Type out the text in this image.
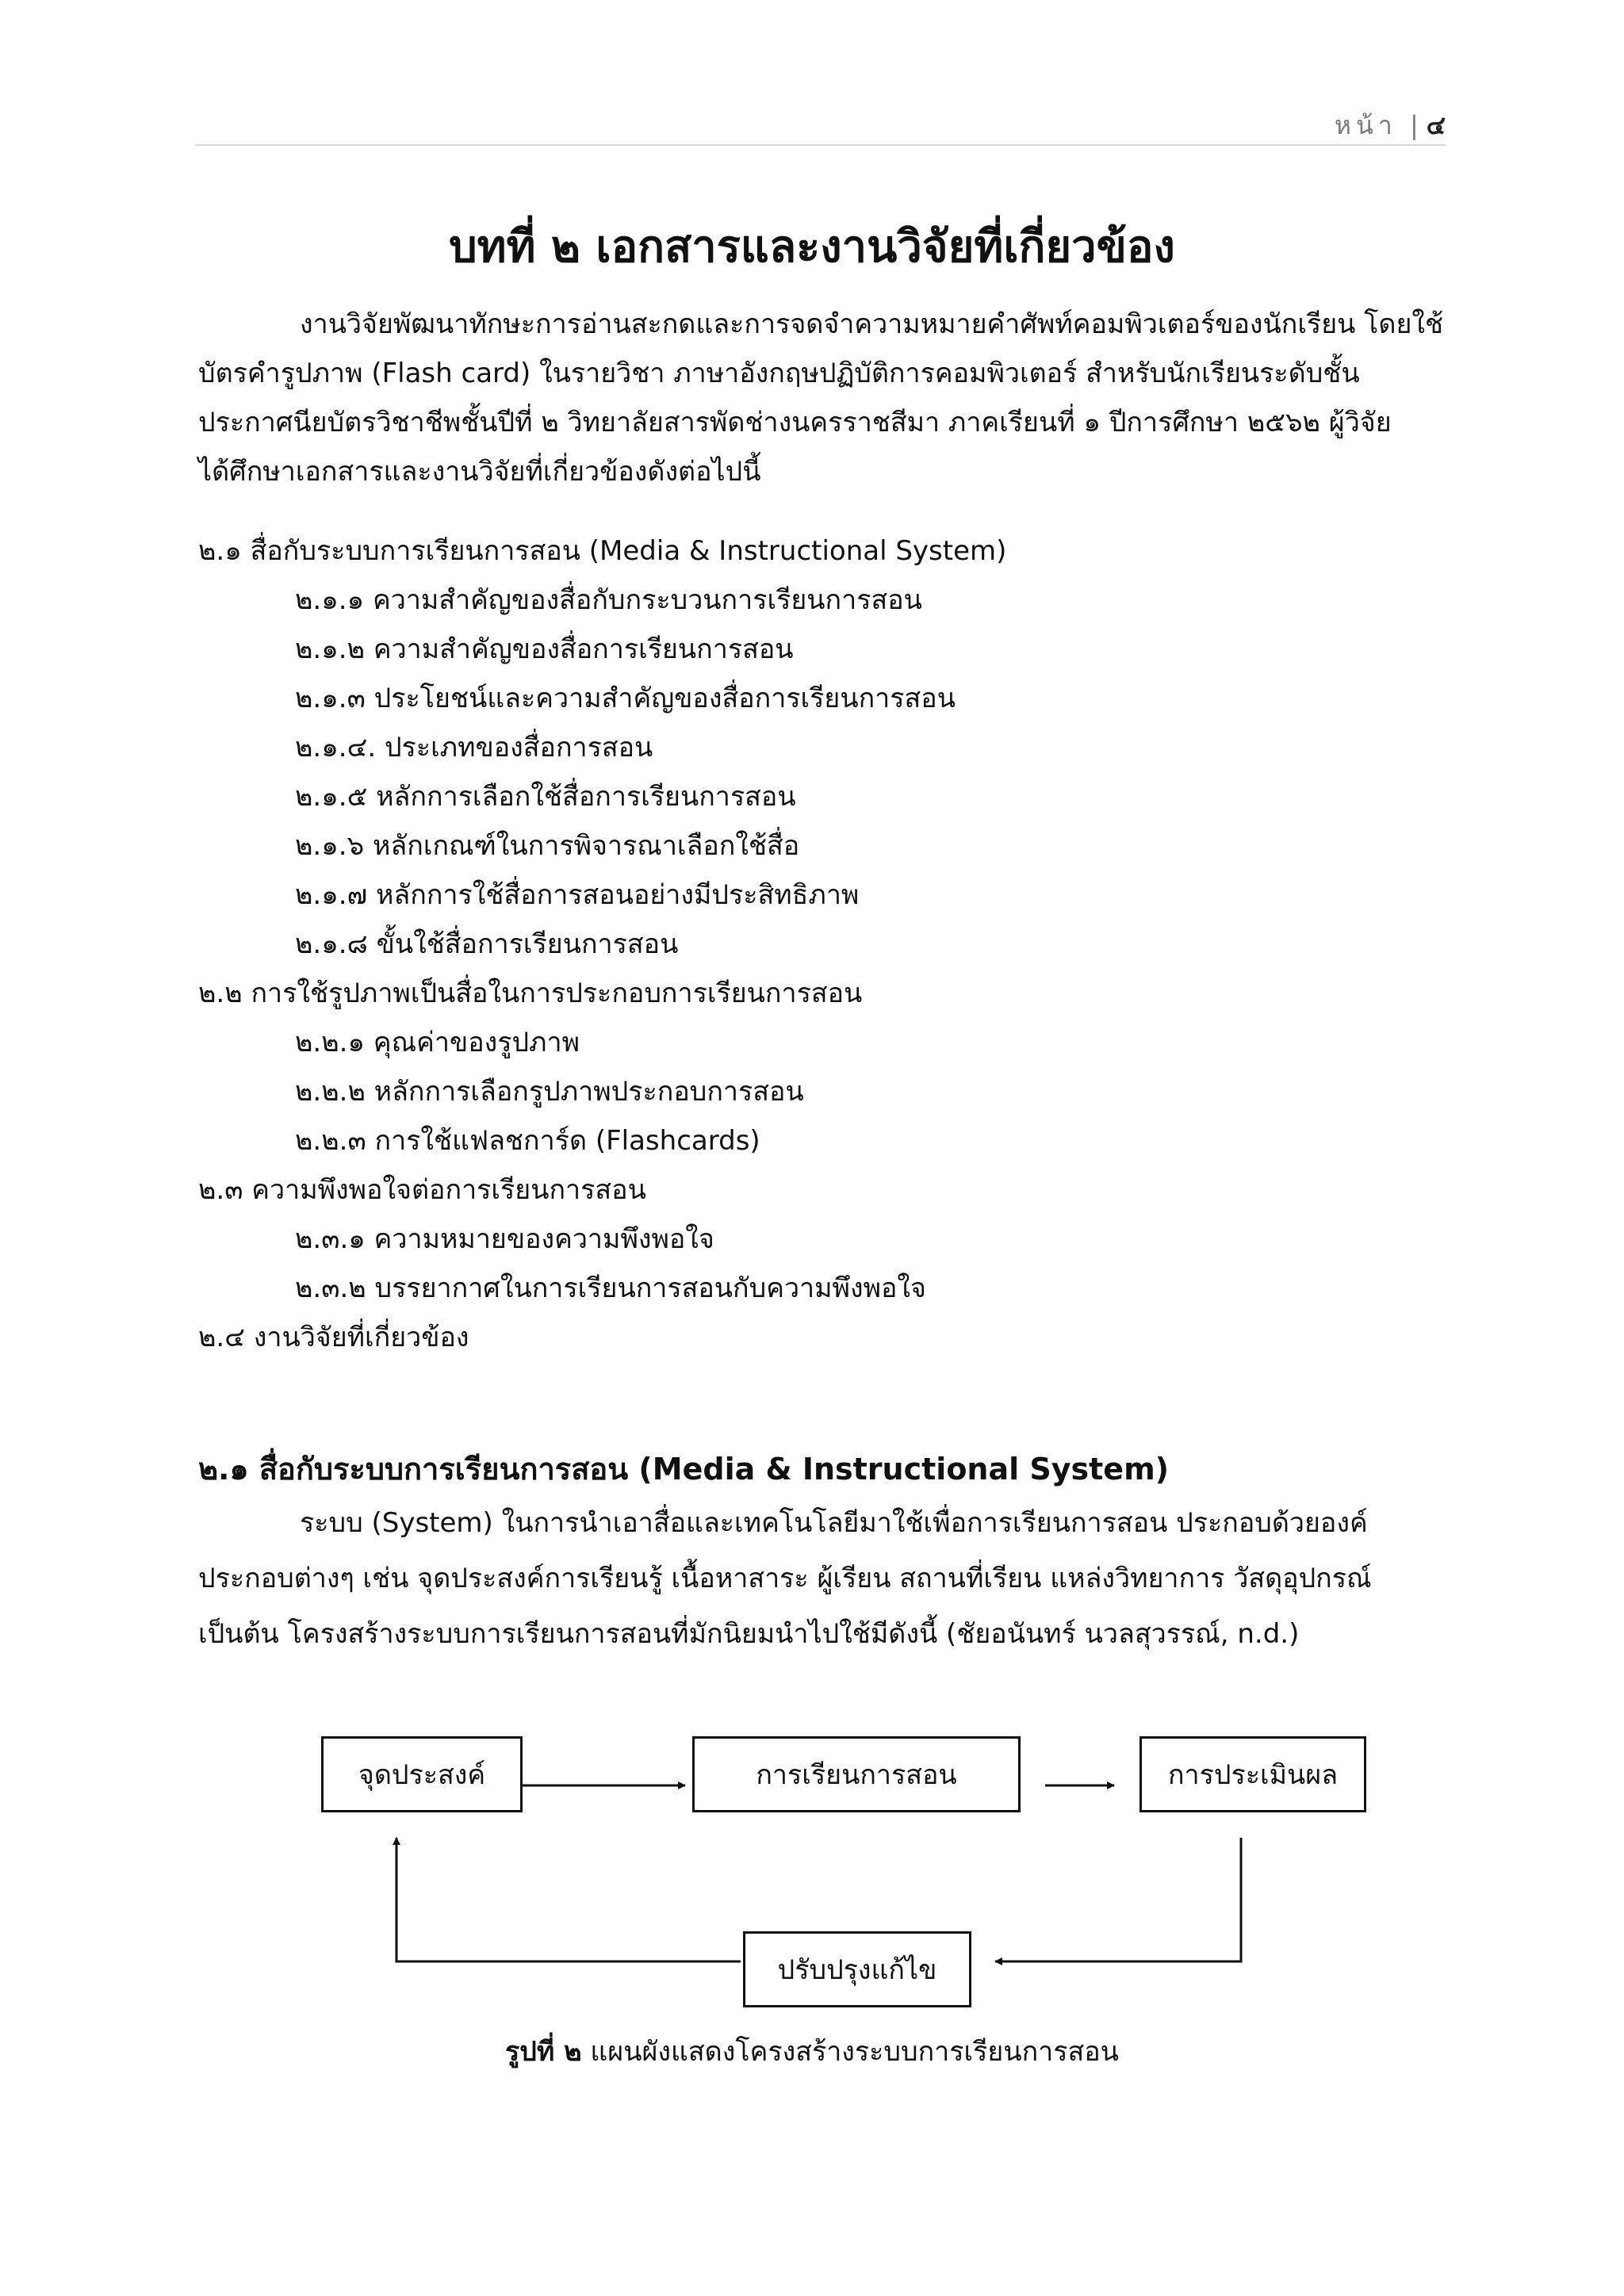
หน้า | ๔
บทที่ ๒ เอกสารและงานวิจัยที่เกี่ยวข้อง
งานวิจัยพัฒนาทักษะการอ่านสะกดและการจดจำความหมายคำศัพท์คอมพิวเตอร์ของนักเรียน โดยใช้
บัตรคำรูปภาพ (Flash card) ในรายวิชา ภาษาอังกฤษปฏิบัติการคอมพิวเตอร์ สำหรับนักเรียนระดับชั้น
ประกาศนียบัตรวิชาชีพชั้นปีที่ ๒ วิทยาลัยสารพัดช่างนครราชสีมา ภาคเรียนที่ ๑ ปีการศึกษา ๒๕๖๒ ผู้วิจัย
ได้ศึกษาเอกสารและงานวิจัยที่เกี่ยวข้องดังต่อไปนี้
๒.๑ สื่อกับระบบการเรียนการสอน (Media & Instructional System)
๒.๑.๑ ความสำคัญของสื่อกับกระบวนการเรียนการสอน
๒.๑.๒ ความสำคัญของสื่อการเรียนการสอน
๒.๑.๓ ประโยชน์และความสำคัญของสื่อการเรียนการสอน
๒.๑.๔. ประเภทของสื่อการสอน
๒.๑.๕ หลักการเลือกใช้สื่อการเรียนการสอน
๒.๑.๖ หลักเกณฑ์ในการพิจารณาเลือกใช้สื่อ
๒.๑.๗ หลักการใช้สื่อการสอนอย่างมีประสิทธิภาพ
๒.๑.๘ ขั้นใช้สื่อการเรียนการสอน
๒.๒ การใช้รูปภาพเป็นสื่อในการประกอบการเรียนการสอน
๒.๒.๑ คุณค่าของรูปภาพ
๒.๒.๒ หลักการเลือกรูปภาพประกอบการสอน
๒.๒.๓ การใช้แฟลชการ์ด (Flashcards)
๒.๓ ความพึงพอใจต่อการเรียนการสอน
๒.๓.๑ ความหมายของความพึงพอใจ
๒.๓.๒ บรรยากาศในการเรียนการสอนกับความพึงพอใจ
๒.๔ งานวิจัยที่เกี่ยวข้อง
๒.๑ สื่อกับระบบการเรียนการสอน (Media & Instructional System)
ระบบ (System) ในการนำเอาสื่อและเทคโนโลยีมาใช้เพื่อการเรียนการสอน ประกอบด้วยองค์
ประกอบต่างๆ เช่น จุดประสงค์การเรียนรู้ เนื้อหาสาระ ผู้เรียน สถานที่เรียน แหล่งวิทยาการ วัสดุอุปกรณ์
เป็นต้น โครงสร้างระบบการเรียนการสอนที่มักนิยมนำไปใช้มีดังนี้ (ชัยอนันทร์ นวลสุวรรณ์, n.d.)
จุดประสงค์	การเรียนการสอน	การประเมินผล
ปรับปรุงแก้ไข
รูปที่ ๒ แผนผังแสดงโครงสร้างระบบการเรียนการสอน
